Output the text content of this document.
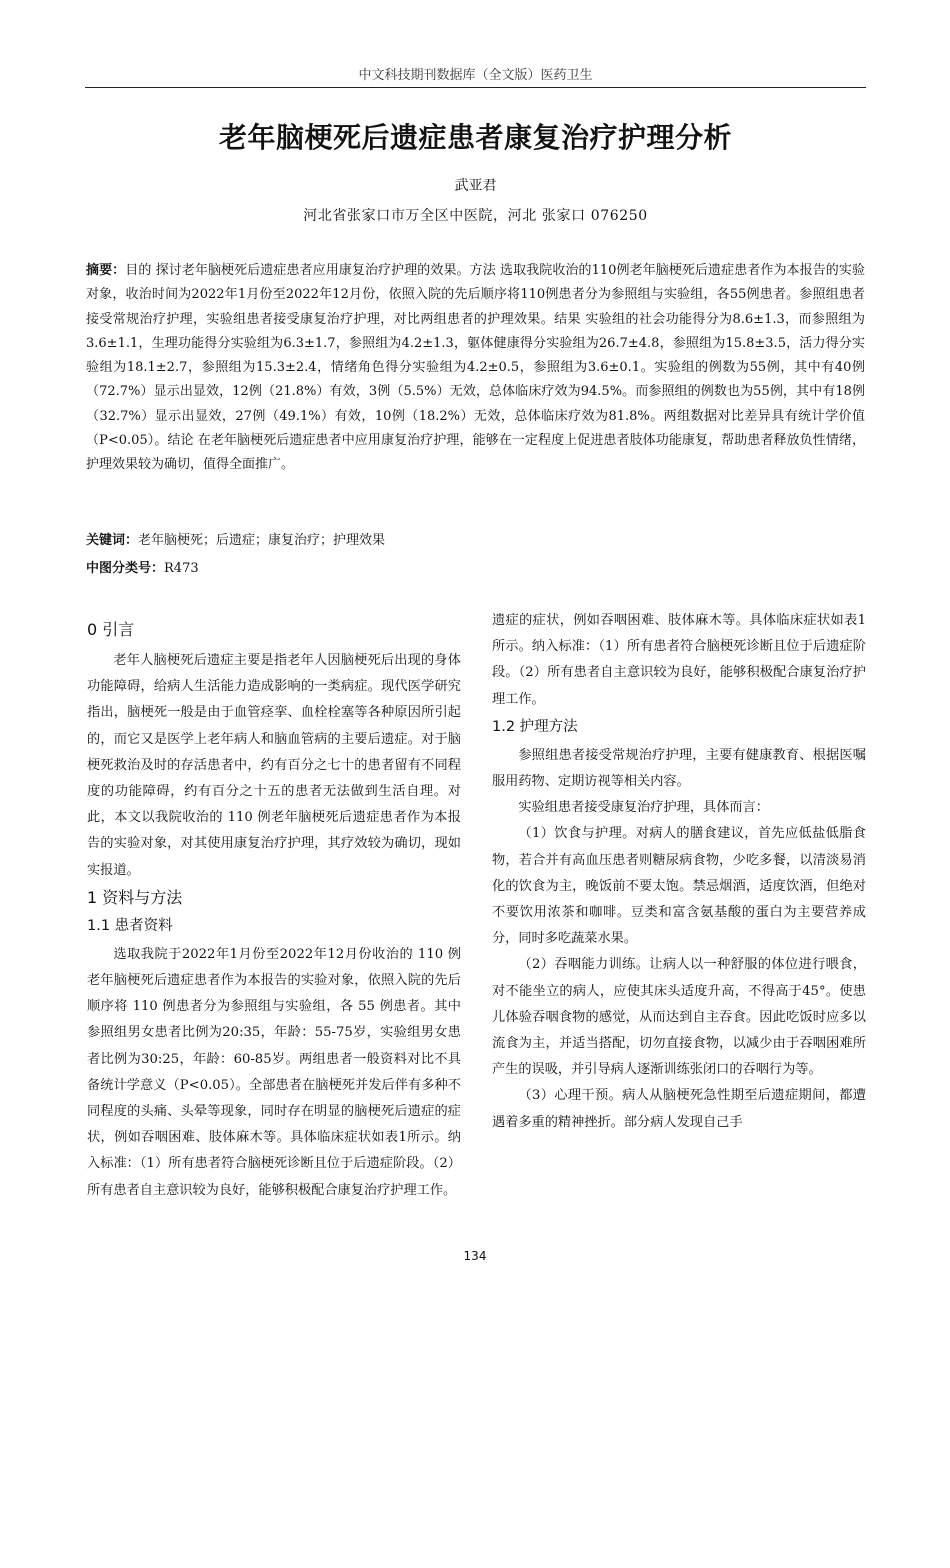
中文科技期刊数据库（全文版）医药卫生
老年脑梗死后遗症患者康复治疗护理分析
武亚君
河北省张家口市万全区中医院，河北 张家口 076250
摘要：目的 探讨老年脑梗死后遗症患者应用康复治疗护理的效果。方法 选取我院收治的110例老年脑梗死后遗症患者作为本报告的实验对象，收治时间为2022年1月份至2022年12月份，依照入院的先后顺序将110例患者分为参照组与实验组，各55例患者。参照组患者接受常规治疗护理，实验组患者接受康复治疗护理，对比两组患者的护理效果。结果 实验组的社会功能得分为8.6±1.3，而参照组为3.6±1.1，生理功能得分实验组为6.3±1.7，参照组为4.2±1.3，躯体健康得分实验组为26.7±4.8，参照组为15.8±3.5，活力得分实验组为18.1±2.7，参照组为15.3±2.4，情绪角色得分实验组为4.2±0.5，参照组为3.6±0.1。实验组的例数为55例，其中有40例（72.7%）显示出显效，12例（21.8%）有效，3例（5.5%）无效，总体临床疗效为94.5%。而参照组的例数也为55例，其中有18例（32.7%）显示出显效，27例（49.1%）有效，10例（18.2%）无效，总体临床疗效为81.8%。两组数据对比差异具有统计学价值（P<0.05）。结论 在老年脑梗死后遗症患者中应用康复治疗护理，能够在一定程度上促进患者肢体功能康复，帮助患者释放负性情绪，护理效果较为确切，值得全面推广。
关键词：老年脑梗死；后遗症；康复治疗；护理效果
中图分类号：R473
0 引言

老年人脑梗死后遗症主要是指老年人因脑梗死后出现的身体功能障碍，给病人生活能力造成影响的一类病症。现代医学研究指出，脑梗死一般是由于血管痉挛、血栓栓塞等各种原因所引起的，而它又是医学上老年病人和脑血管病的主要后遗症。对于脑梗死救治及时的存活患者中，约有百分之七十的患者留有不同程度的功能障碍，约有百分之十五的患者无法做到生活自理。对此，本文以我院收治的 110 例老年脑梗死后遗症患者作为本报告的实验对象，对其使用康复治疗护理，其疗效较为确切，现如实报道。

1 资料与方法
1.1 患者资料

选取我院于2022年1月份至2022年12月份收治的 110 例老年脑梗死后遗症患者作为本报告的实验对象，依照入院的先后顺序将 110 例患者分为参照组与实验组，各 55 例患者。其中参照组男女患者比例为20:35，年龄：55-75岁，实验组男女患者比例为30:25，年龄：60-85岁。两组患者一般资料对比不具备统计学意义（P<0.05）。全部患者在脑梗死并发后伴有多种不同程度的头痛、头晕等现象，同时存在明显的脑梗死后遗症的症状，例如吞咽困难、肢体麻木等。具体临床症状如表1所示。纳入标准：（1）所有患者符合脑梗死诊断且位于后遗症阶段。（2）所有患者自主意识较为良好，能够积极配合康复治疗护理工作。

遗症的症状，例如吞咽困难、肢体麻木等。具体临床症状如表1所示。纳入标准：（1）所有患者符合脑梗死诊断且位于后遗症阶段。（2）所有患者自主意识较为良好，能够积极配合康复治疗护理工作。

1.2 护理方法

参照组患者接受常规治疗护理，主要有健康教育、根据医嘱服用药物、定期访视等相关内容。

实验组患者接受康复治疗护理，具体而言：

（1）饮食与护理。对病人的膳食建议，首先应低盐低脂食物，若合并有高血压患者则糖尿病食物，少吃多餐，以清淡易消化的饮食为主，晚饭前不要太饱。禁忌烟酒，适度饮酒，但绝对不要饮用浓茶和咖啡。豆类和富含氨基酸的蛋白为主要营养成分，同时多吃蔬菜水果。

（2）吞咽能力训练。让病人以一种舒服的体位进行喂食，对不能坐立的病人，应使其床头适度升高，不得高于45°。使患儿体验吞咽食物的感觉，从而达到自主吞食。因此吃饭时应多以流食为主，并适当搭配，切勿直接食物，以减少由于吞咽困难所产生的误吸，并引导病人逐渐训练张闭口的吞咽行为等。

（3）心理干预。病人从脑梗死急性期至后遗症期间，都遭遇着多重的精神挫折。部分病人发现自己手

134
